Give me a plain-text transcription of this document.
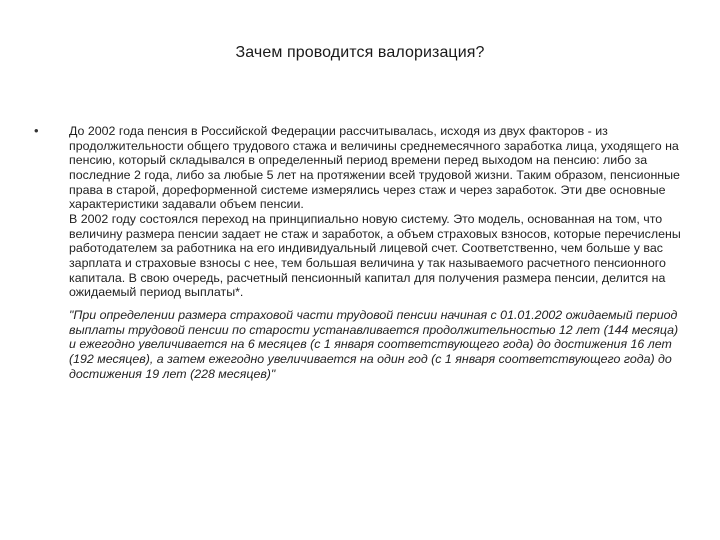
Зачем проводится валоризация?
•	До 2002 года пенсия в Российской Федерации рассчитывалась, исходя из двух факторов - из продолжительности общего трудового стажа и величины среднемесячного заработка лица, уходящего на пенсию, который складывался в определенный период времени перед выходом на пенсию: либо за последние 2 года, либо за любые 5 лет на протяжении всей трудовой жизни. Таким образом, пенсионные права в старой, дореформенной системе измерялись через стаж и через заработок. Эти две основные характеристики задавали объем пенсии.

В 2002 году состоялся переход на принципиально новую систему. Это модель, основанная на том, что величину размера пенсии задает не стаж и заработок, а объем страховых взносов, которые перечислены работодателем за работника на его индивидуальный лицевой счет. Соответственно, чем больше у вас зарплата и страховые взносы с нее, тем большая величина у так называемого расчетного пенсионного капитала. В свою очередь, расчетный пенсионный капитал для получения размера пенсии, делится на ожидаемый период выплаты*.

"При определении размера страховой части трудовой пенсии начиная с 01.01.2002 ожидаемый период выплаты трудовой пенсии по старости устанавливается продолжительностью 12 лет (144 месяца) и ежегодно увеличивается на 6 месяцев (с 1 января соответствующего года) до достижения 16 лет (192 месяцев), а затем ежегодно увеличивается на один год (с 1 января соответствующего года) до достижения 19 лет (228 месяцев)"
